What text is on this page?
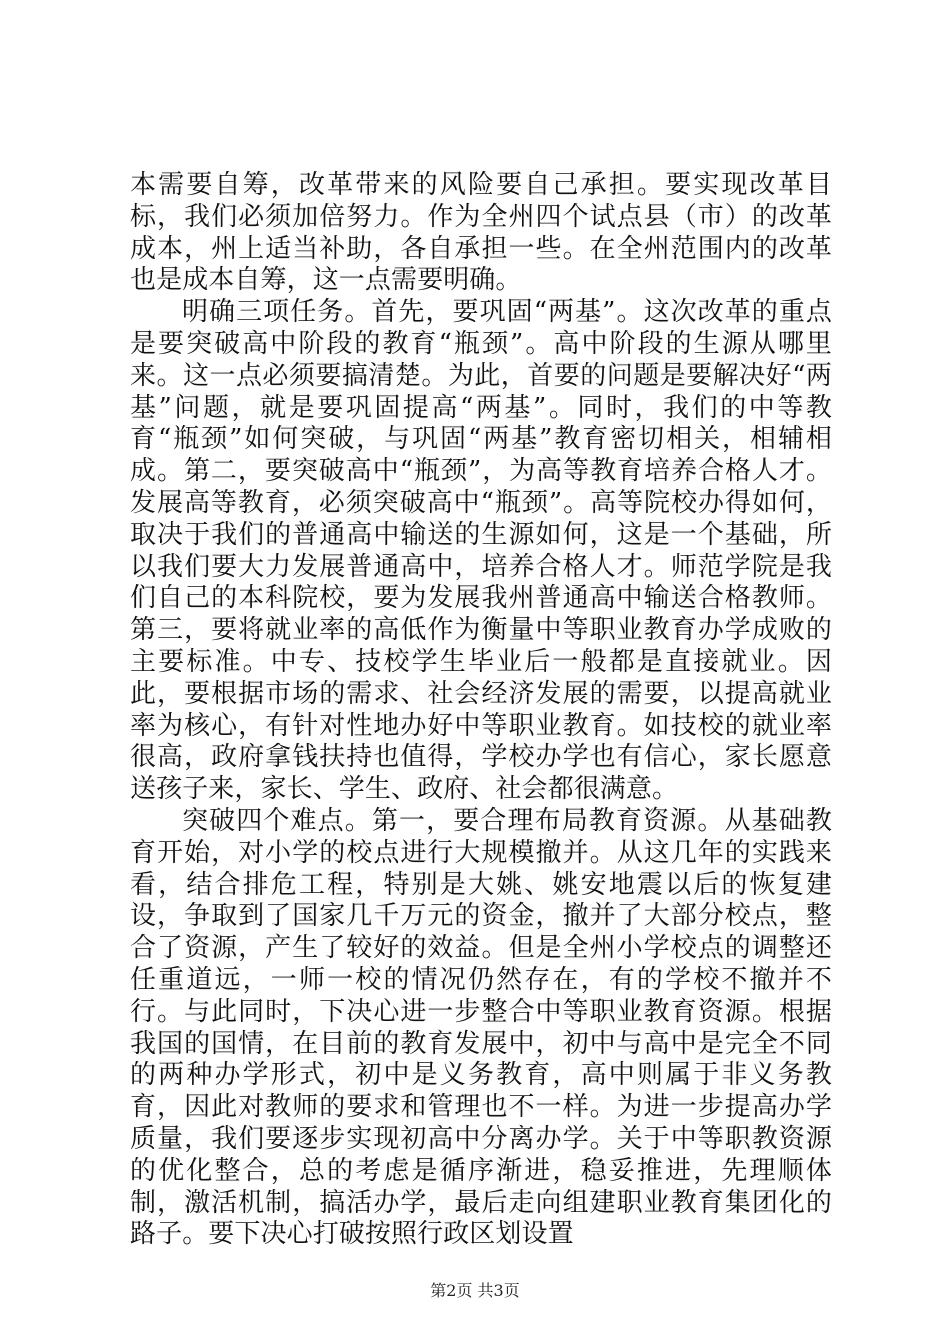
本需要自筹，改革带来的风险要自己承担。要实现改革目标，我们必须加倍努力。作为全州四个试点县（市）的改革成本，州上适当补助，各自承担一些。在全州范围内的改革也是成本自筹，这一点需要明确。

明确三项任务。首先，要巩固“两基”。这次改革的重点是要突破高中阶段的教育“瓶颈”。高中阶段的生源从哪里来。这一点必须要搞清楚。为此，首要的问题是要解决好“两基”问题，就是要巩固提高“两基”。同时，我们的中等教育“瓶颈”如何突破，与巩固“两基”教育密切相关，相辅相成。第二，要突破高中“瓶颈”，为高等教育培养合格人才。发展高等教育，必须突破高中“瓶颈”。高等院校办得如何，取决于我们的普通高中输送的生源如何，这是一个基础，所以我们要大力发展普通高中，培养合格人才。师范学院是我们自己的本科院校，要为发展我州普通高中输送合格教师。第三，要将就业率的高低作为衡量中等职业教育办学成败的主要标准。中专、技校学生毕业后一般都是直接就业。因此，要根据市场的需求、社会经济发展的需要，以提高就业率为核心，有针对性地办好中等职业教育。如技校的就业率很高，政府拿钱扶持也值得，学校办学也有信心，家长愿意送孩子来，家长、学生、政府、社会都很满意。

突破四个难点。第一，要合理布局教育资源。从基础教育开始，对小学的校点进行大规模撤并。从这几年的实践来看，结合排危工程，特别是大姚、姚安地震以后的恢复建设，争取到了国家几千万元的资金，撤并了大部分校点，整合了资源，产生了较好的效益。但是全州小学校点的调整还任重道远，一师一校的情况仍然存在，有的学校不撤并不行。与此同时，下决心进一步整合中等职业教育资源。根据我国的国情，在目前的教育发展中，初中与高中是完全不同的两种办学形式，初中是义务教育，高中则属于非义务教育，因此对教师的要求和管理也不一样。为进一步提高办学质量，我们要逐步实现初高中分离办学。关于中等职教资源的优化整合，总的考虑是循序渐进，稳妥推进，先理顺体制，激活机制，搞活办学，最后走向组建职业教育集团化的路子。要下决心打破按照行政区划设置

第2页 共3页
